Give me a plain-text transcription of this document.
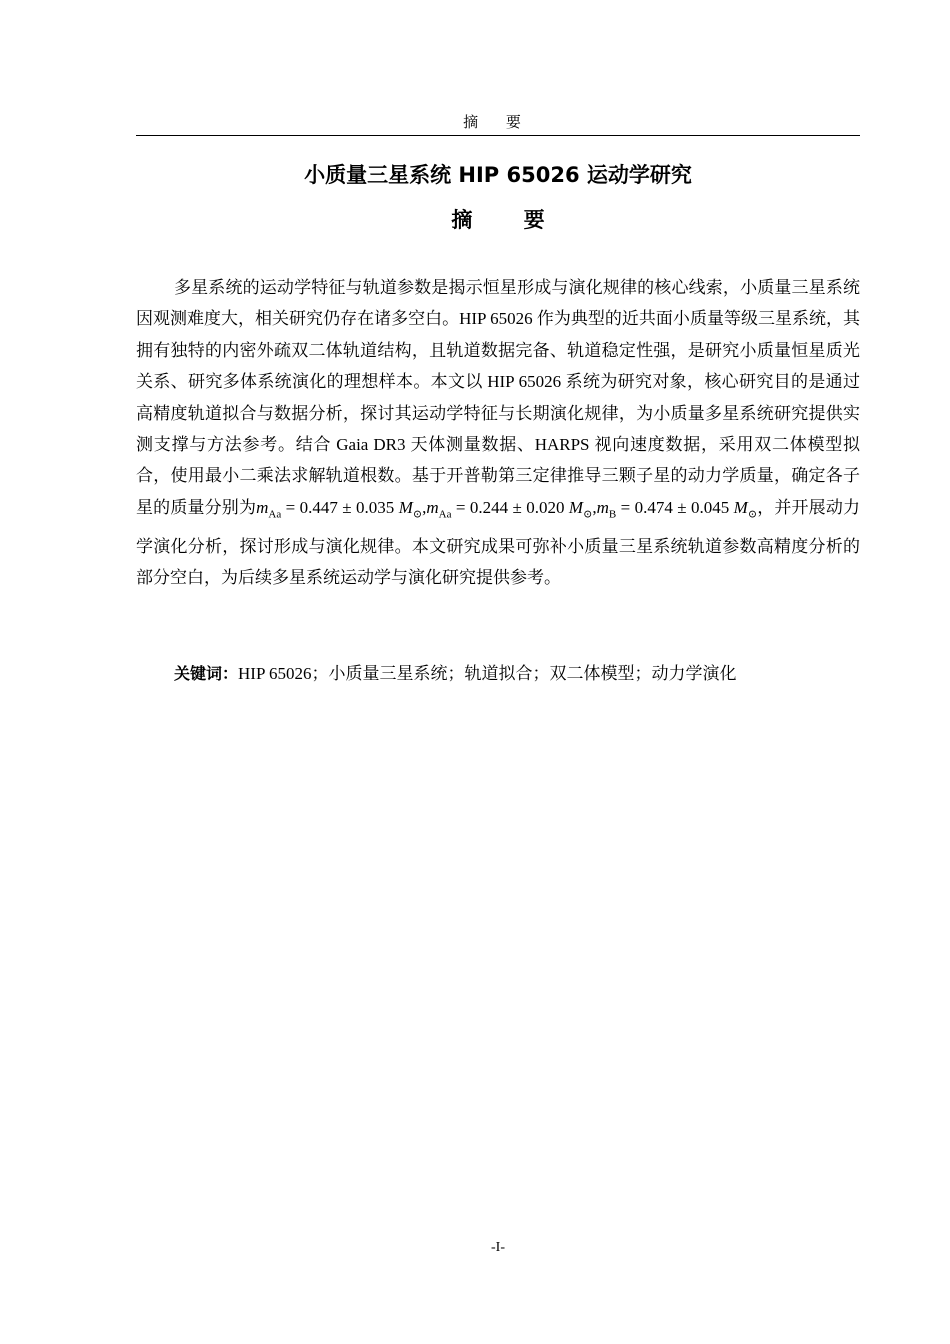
摘 要
小质量三星系统 HIP 65026 运动学研究
摘 要

多星系统的运动学特征与轨道参数是揭示恒星形成与演化规律的核心线索，小质量三星系统因观测难度大，相关研究仍存在诸多空白。HIP 65026 作为典型的近共面小质量等级三星系统，其拥有独特的内密外疏双二体轨道结构，且轨道数据完备、轨道稳定性强，是研究小质量恒星质光关系、研究多体系统演化的理想样本。本文以 HIP 65026 系统为研究对象，核心研究目的是通过高精度轨道拟合与数据分析，探讨其运动学特征与长期演化规律，为小质量多星系统研究提供实测支撑与方法参考。结合 Gaia DR3 天体测量数据、HARPS 视向速度数据，采用双二体模型拟合，使用最小二乘法求解轨道根数。基于开普勒第三定律推导三颗子星的动力学质量，确定各子星的质量分别为$m_{Aa} = 0.447 \pm 0.035$ $M_⊙,m_{Aa} = 0.244 \pm 0.020$ $M_⊙,m_B = 0.474 \pm 0.045$ $M_⊙$，并开展动力学演化分析，探讨形成与演化规律。本文研究成果可弥补小质量三星系统轨道参数高精度分析的部分空白，为后续多星系统运动学与演化研究提供参考。

关键词：HIP 65026；小质量三星系统；轨道拟合；双二体模型；动力学演化

-I-
